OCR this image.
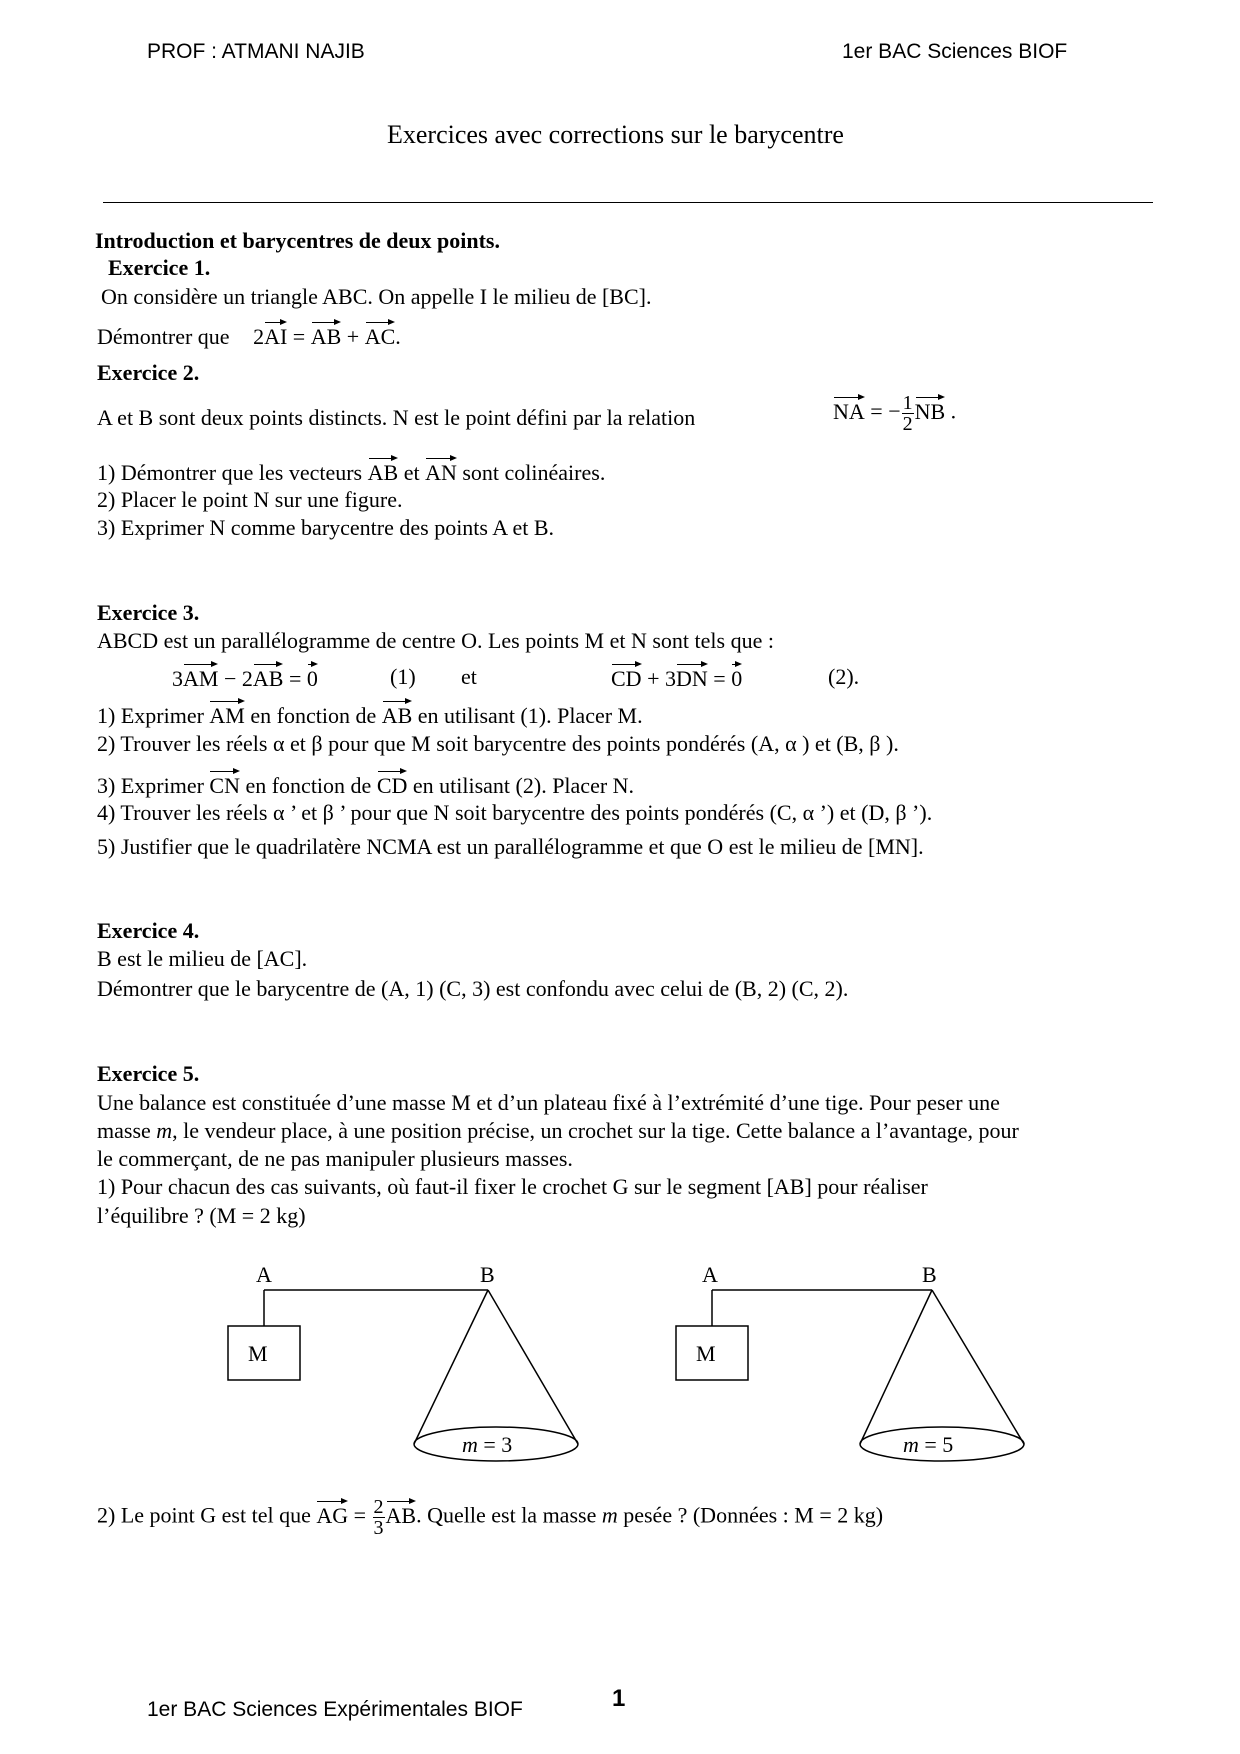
PROF : ATMANI NAJIB	1er BAC Sciences BIOF
Exercices avec corrections sur le barycentre
Introduction et barycentres de deux points.
Exercice 1.
On considère un triangle ABC. On appelle I le milieu de [BC].
Démontrer que 2AI = AB + AC.
Exercice 2.
A et B sont deux points distincts. N est le point défini par la relation	NA = − $\frac{1}{2}$ NB .
1) Démontrer que les vecteurs AB et AN sont colinéaires.
2) Placer le point N sur une figure.
3) Exprimer N comme barycentre des points A et B.
Exercice 3.
ABCD est un parallélogramme de centre O. Les points M et N sont tels que :
3AM − 2AB = 0	(1) et	CD + 3DN = 0	(2).
1) Exprimer AM en fonction de AB en utilisant (1). Placer M.
2) Trouver les réels α et β pour que M soit barycentre des points pondérés (A, α ) et (B, β ).
3) Exprimer CN en fonction de CD en utilisant (2). Placer N.
4) Trouver les réels α ’ et β ’ pour que N soit barycentre des points pondérés (C, α ’) et (D, β ’).
5) Justifier que le quadrilatère NCMA est un parallélogramme et que O est le milieu de [MN].
Exercice 4.
B est le milieu de [AC].
Démontrer que le barycentre de (A, 1) (C, 3) est confondu avec celui de (B, 2) (C, 2).
Exercice 5.
Une balance est constituée d’une masse M et d’un plateau fixé à l’extrémité d’une tige. Pour peser une
masse m, le vendeur place, à une position précise, un crochet sur la tige. Cette balance a l’avantage, pour
le commerçant, de ne pas manipuler plusieurs masses.
1) Pour chacun des cas suivants, où faut-il fixer le crochet G sur le segment [AB] pour réaliser
l’équilibre ? (M = 2 kg)
A	B
M
m = 3
A	B
M
m = 5
2) Le point G est tel que AG = $\frac{2}{3}$ AB. Quelle est la masse m pesée ? (Données : M = 2 kg)
1er BAC Sciences Expérimentales BIOF	1
